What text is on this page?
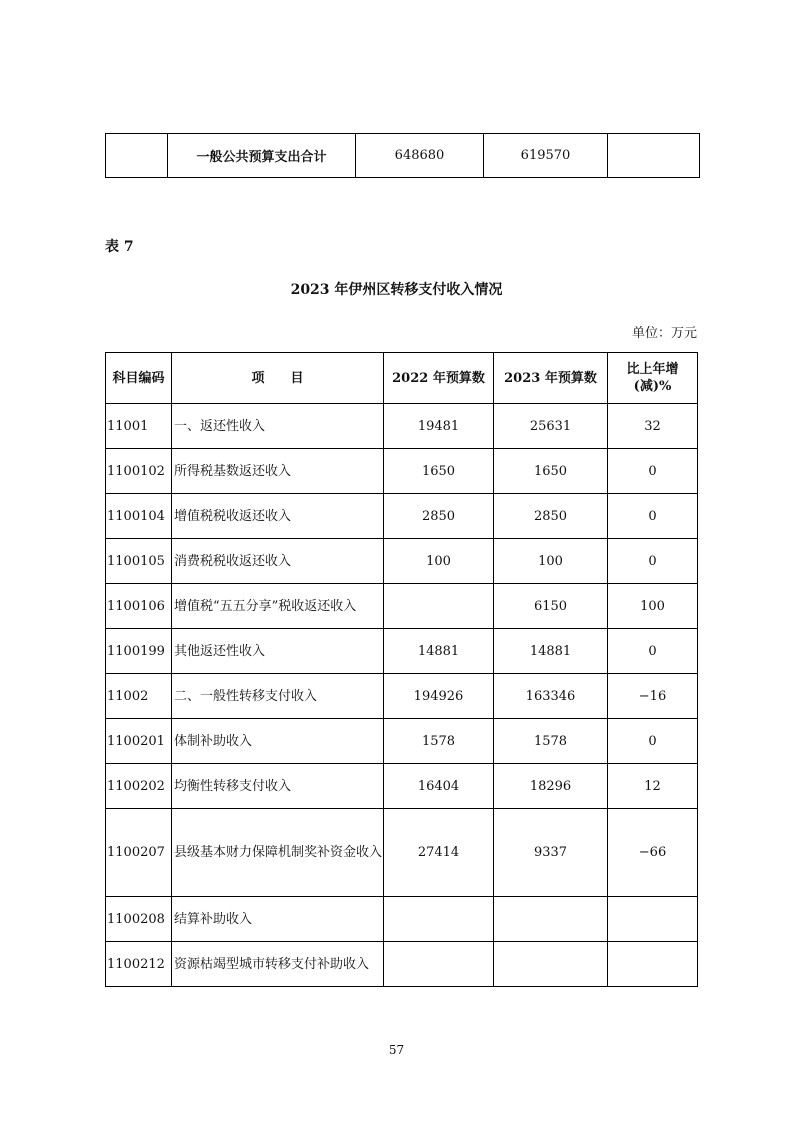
	一般公共预算支出合计	648680	619570	
表 7
2023 年伊州区转移支付收入情况
单位：万元
科目编码	项　　目	2022 年预算数	2023 年预算数	比上年增(减)%
11001	一、返还性收入	19481	25631	32
1100102	所得税基数返还收入	1650	1650	0
1100104	增值税税收返还收入	2850	2850	0
1100105	消费税税收返还收入	100	100	0
1100106	增值税“五五分享”税收返还收入		6150	100
1100199	其他返还性收入	14881	14881	0
11002	二、一般性转移支付收入	194926	163346	−16
1100201	体制补助收入	1578	1578	0
1100202	均衡性转移支付收入	16404	18296	12
1100207	县级基本财力保障机制奖补资金收入	27414	9337	−66
1100208	结算补助收入			
1100212	资源枯竭型城市转移支付补助收入			
57
